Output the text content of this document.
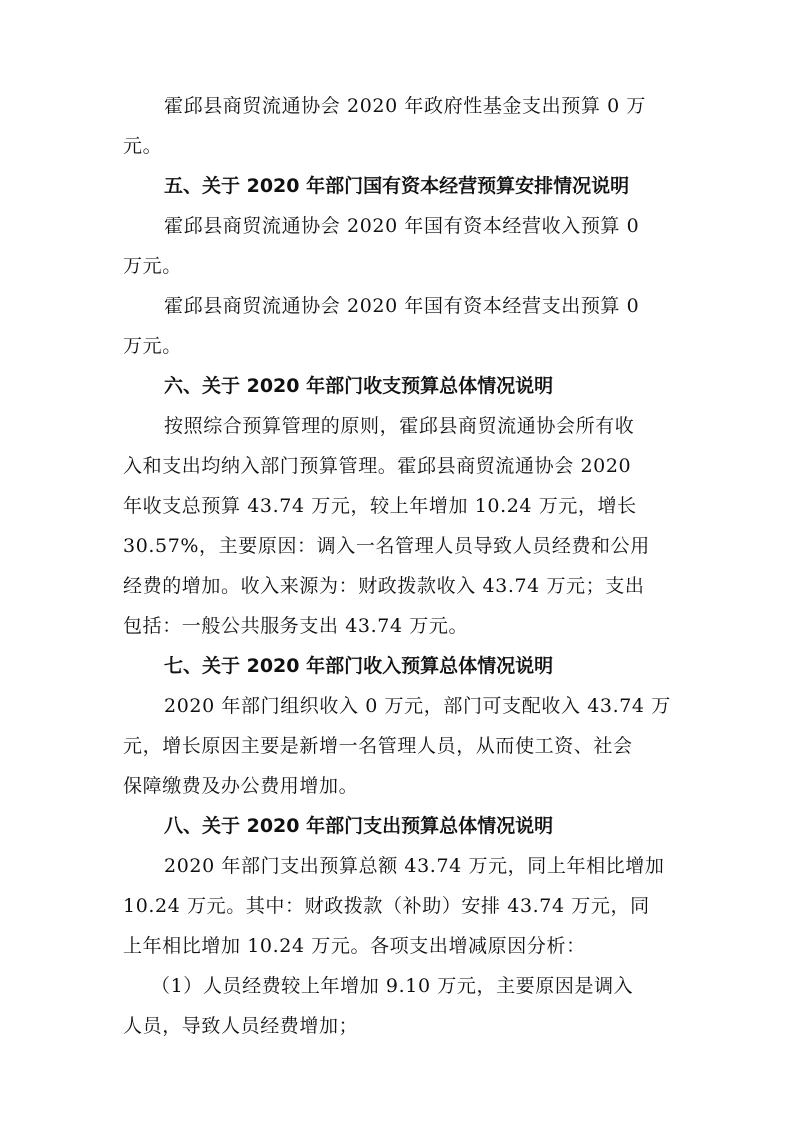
霍邱县商贸流通协会 2020 年政府性基金支出预算 0 万
元。
五、关于 2020 年部门国有资本经营预算安排情况说明
霍邱县商贸流通协会 2020 年国有资本经营收入预算 0
万元。
霍邱县商贸流通协会 2020 年国有资本经营支出预算 0
万元。
六、关于 2020 年部门收支预算总体情况说明
按照综合预算管理的原则，霍邱县商贸流通协会所有收
入和支出均纳入部门预算管理。霍邱县商贸流通协会 2020
年收支总预算 43.74 万元，较上年增加 10.24 万元，增长
30.57%，主要原因：调入一名管理人员导致人员经费和公用
经费的增加。收入来源为：财政拨款收入 43.74 万元；支出
包括：一般公共服务支出 43.74 万元。
七、关于 2020 年部门收入预算总体情况说明
2020 年部门组织收入 0 万元，部门可支配收入 43.74 万
元，增长原因主要是新增一名管理人员，从而使工资、社会
保障缴费及办公费用增加。
八、关于 2020 年部门支出预算总体情况说明
2020 年部门支出预算总额 43.74 万元，同上年相比增加
10.24 万元。其中：财政拨款（补助）安排 43.74 万元，同
上年相比增加 10.24 万元。各项支出增减原因分析：
（1）人员经费较上年增加 9.10 万元，主要原因是调入
人员，导致人员经费增加；
